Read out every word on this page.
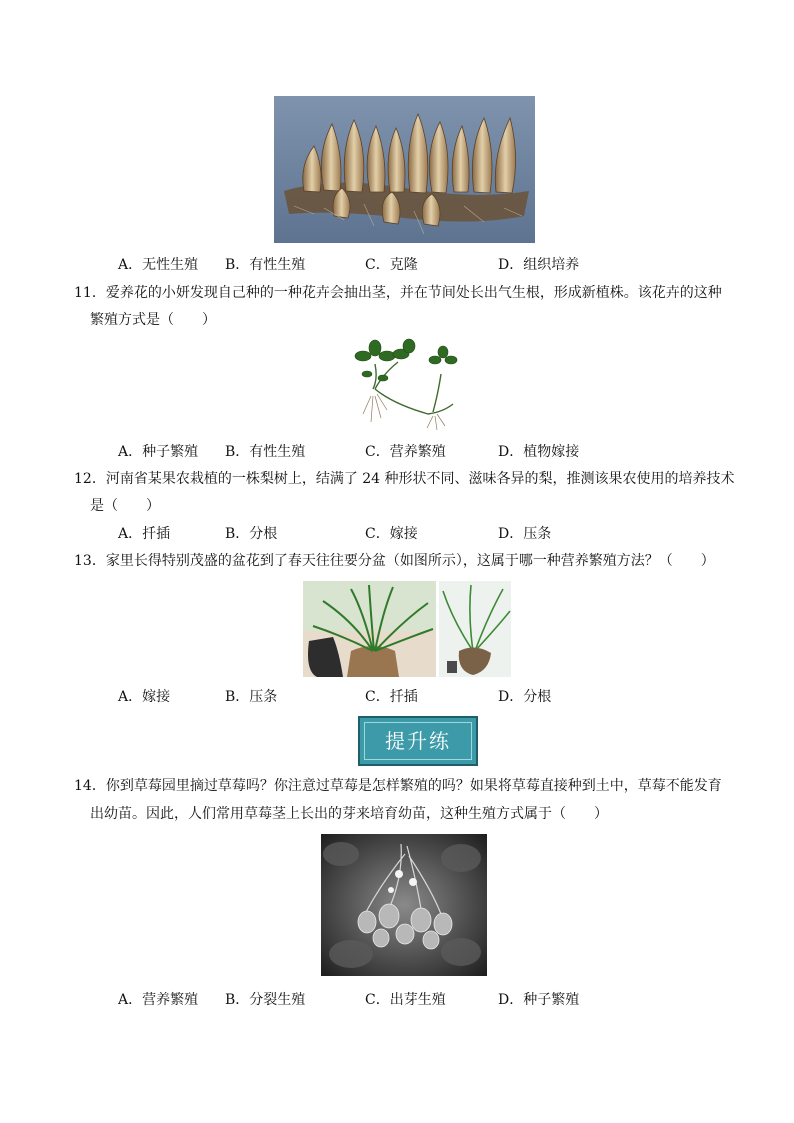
A．无性生殖 B．有性生殖	C．克隆	D．组织培养
11．爱养花的小妍发现自己种的一种花卉会抽出茎，并在节间处长出气生根，形成新植株。该花卉的这种
繁殖方式是（　　）
A．种子繁殖 B．有性生殖	C．营养繁殖	D．植物嫁接
12．河南省某果农栽植的一株梨树上，结满了 24 种形状不同、滋味各异的梨，推测该果农使用的培养技术
是（　　）
A．扦插	B．分根	C．嫁接	D．压条
13．家里长得特别茂盛的盆花到了春天往往要分盆（如图所示），这属于哪一种营养繁殖方法？（　　）
A．嫁接	B．压条	C．扦插	D．分根
提升练
14．你到草莓园里摘过草莓吗？你注意过草莓是怎样繁殖的吗？如果将草莓直接种到土中，草莓不能发育
出幼苗。因此，人们常用草莓茎上长出的芽来培育幼苗，这种生殖方式属于（　　）
A．营养繁殖 B．分裂生殖	C．出芽生殖	D．种子繁殖
